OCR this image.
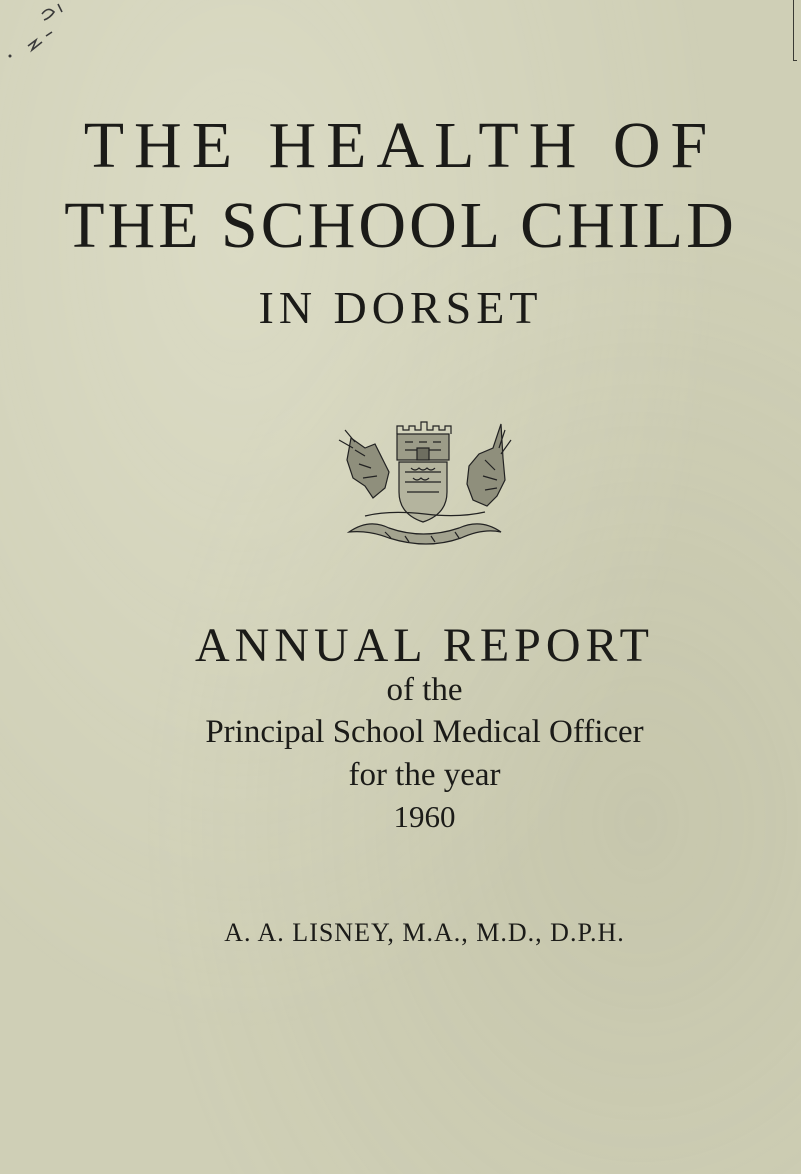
THE HEALTH OF
THE SCHOOL CHILD
IN DORSET
ANNUAL REPORT
of the
Principal School Medical Officer
for the year
1960
A. A. LISNEY, M.A., M.D., D.P.H.
